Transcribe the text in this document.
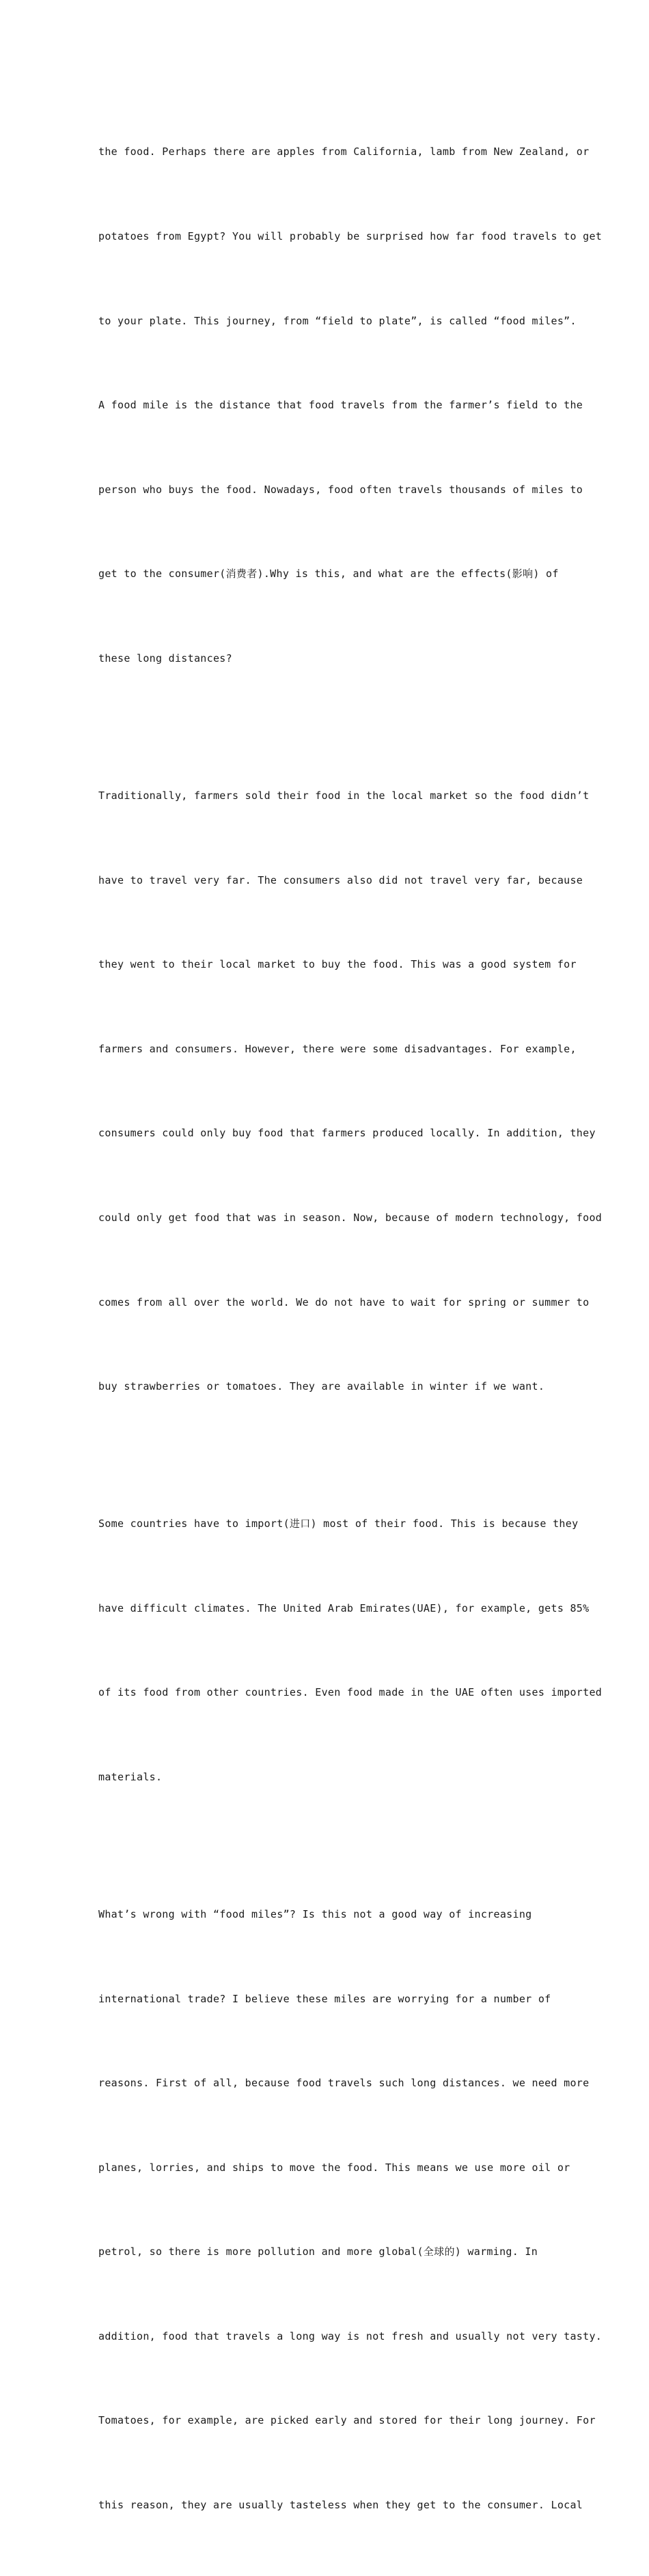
the food. Perhaps there are apples from California, lamb from New Zealand, or

potatoes from Egypt? You will probably be surprised how far food travels to get

to your plate. This journey, from “field to plate”, is called “food miles”.

A food mile is the distance that food travels from the farmer’s field to the

person who buys the food. Nowadays, food often travels thousands of miles to

get to the consumer(消费者).Why is this, and what are the effects(影响) of

these long distances?

Traditionally, farmers sold their food in the local market so the food didn’t

have to travel very far. The consumers also did not travel very far, because

they went to their local market to buy the food. This was a good system for

farmers and consumers. However, there were some disadvantages. For example,

consumers could only buy food that farmers produced locally. In addition, they

could only get food that was in season. Now, because of modern technology, food

comes from all over the world. We do not have to wait for spring or summer to

buy strawberries or tomatoes. They are available in winter if we want.

Some countries have to import(进口) most of their food. This is because they

have difficult climates. The United Arab Emirates(UAE), for example, gets 85%

of its food from other countries. Even food made in the UAE often uses imported

materials.

What’s wrong with “food miles”? Is this not a good way of increasing

international trade? I believe these miles are worrying for a number of

reasons. First of all, because food travels such long distances. we need more

planes, lorries, and ships to move the food. This means we use more oil or

petrol, so there is more pollution and more global(全球的) warming. In

addition, food that travels a long way is not fresh and usually not very tasty.

Tomatoes, for example, are picked early and stored for their long journey. For

this reason, they are usually tasteless when they get to the consumer. Local
